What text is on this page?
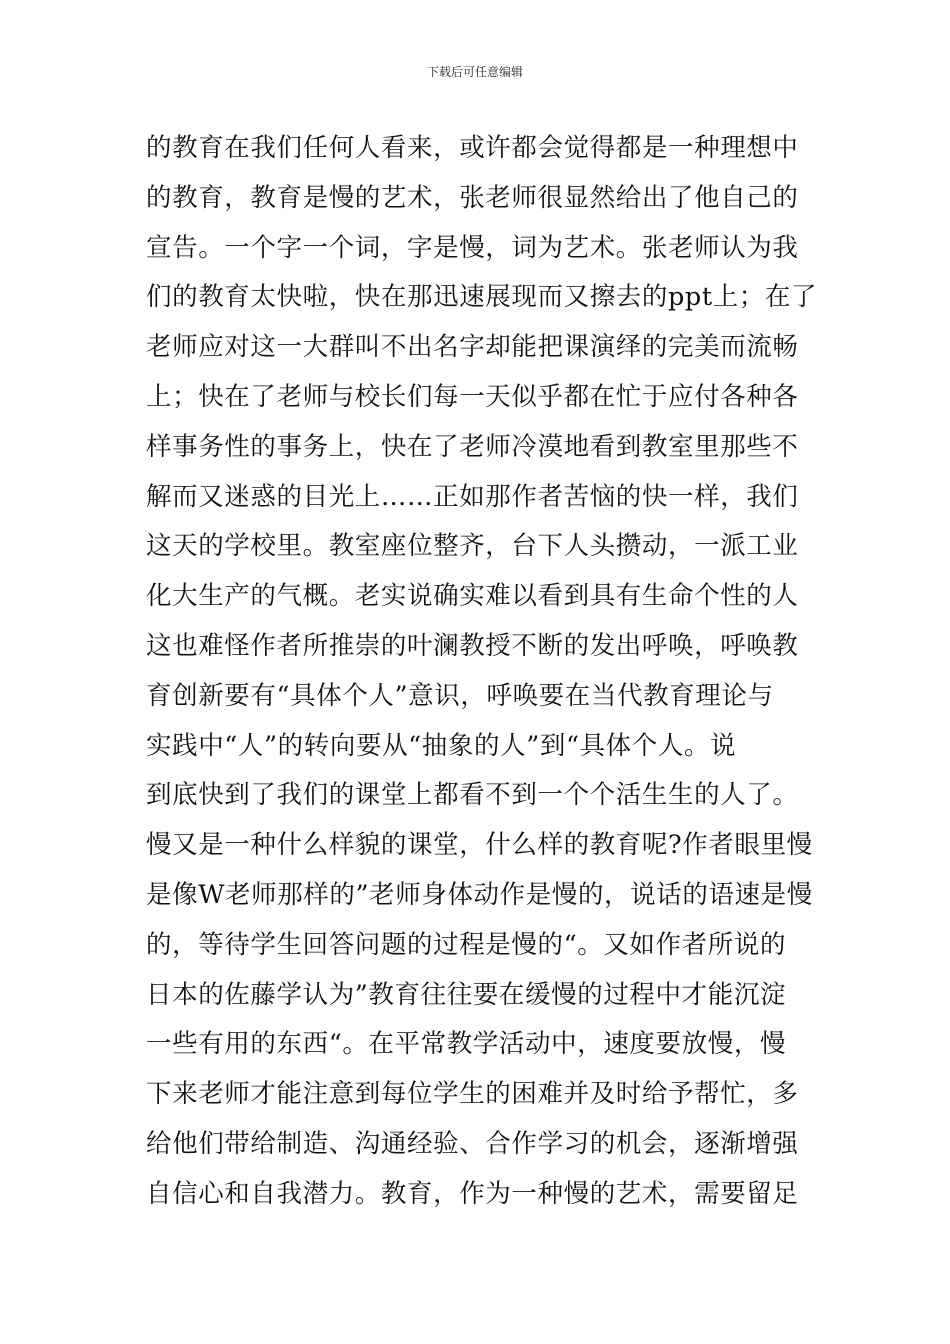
下载后可任意编辑
的教育在我们任何人看来，或许都会觉得都是一种理想中
的教育，教育是慢的艺术，张老师很显然给出了他自己的
宣告。一个字一个词，字是慢，词为艺术。张老师认为我
们的教育太快啦，快在那迅速展现而又擦去的ppt上；在了
老师应对这一大群叫不出名字却能把课演绎的完美而流畅
上；快在了老师与校长们每一天似乎都在忙于应付各种各
样事务性的事务上，快在了老师冷漠地看到教室里那些不
解而又迷惑的目光上……正如那作者苦恼的快一样，我们
这天的学校里。教室座位整齐，台下人头攒动，一派工业
化大生产的气概。老实说确实难以看到具有生命个性的人
这也难怪作者所推崇的叶澜教授不断的发出呼唤，呼唤教
育创新要有“具体个人”意识，呼唤要在当代教育理论与
实践中“人”的转向要从“抽象的人”到“具体个人。说
到底快到了我们的课堂上都看不到一个个活生生的人了。
慢又是一种什么样貌的课堂，什么样的教育呢?作者眼里慢
是像W老师那样的”老师身体动作是慢的，说话的语速是慢
的，等待学生回答问题的过程是慢的“。又如作者所说的
日本的佐藤学认为”教育往往要在缓慢的过程中才能沉淀
一些有用的东西“。在平常教学活动中，速度要放慢，慢
下来老师才能注意到每位学生的困难并及时给予帮忙，多
给他们带给制造、沟通经验、合作学习的机会，逐渐增强
自信心和自我潜力。教育，作为一种慢的艺术，需要留足
